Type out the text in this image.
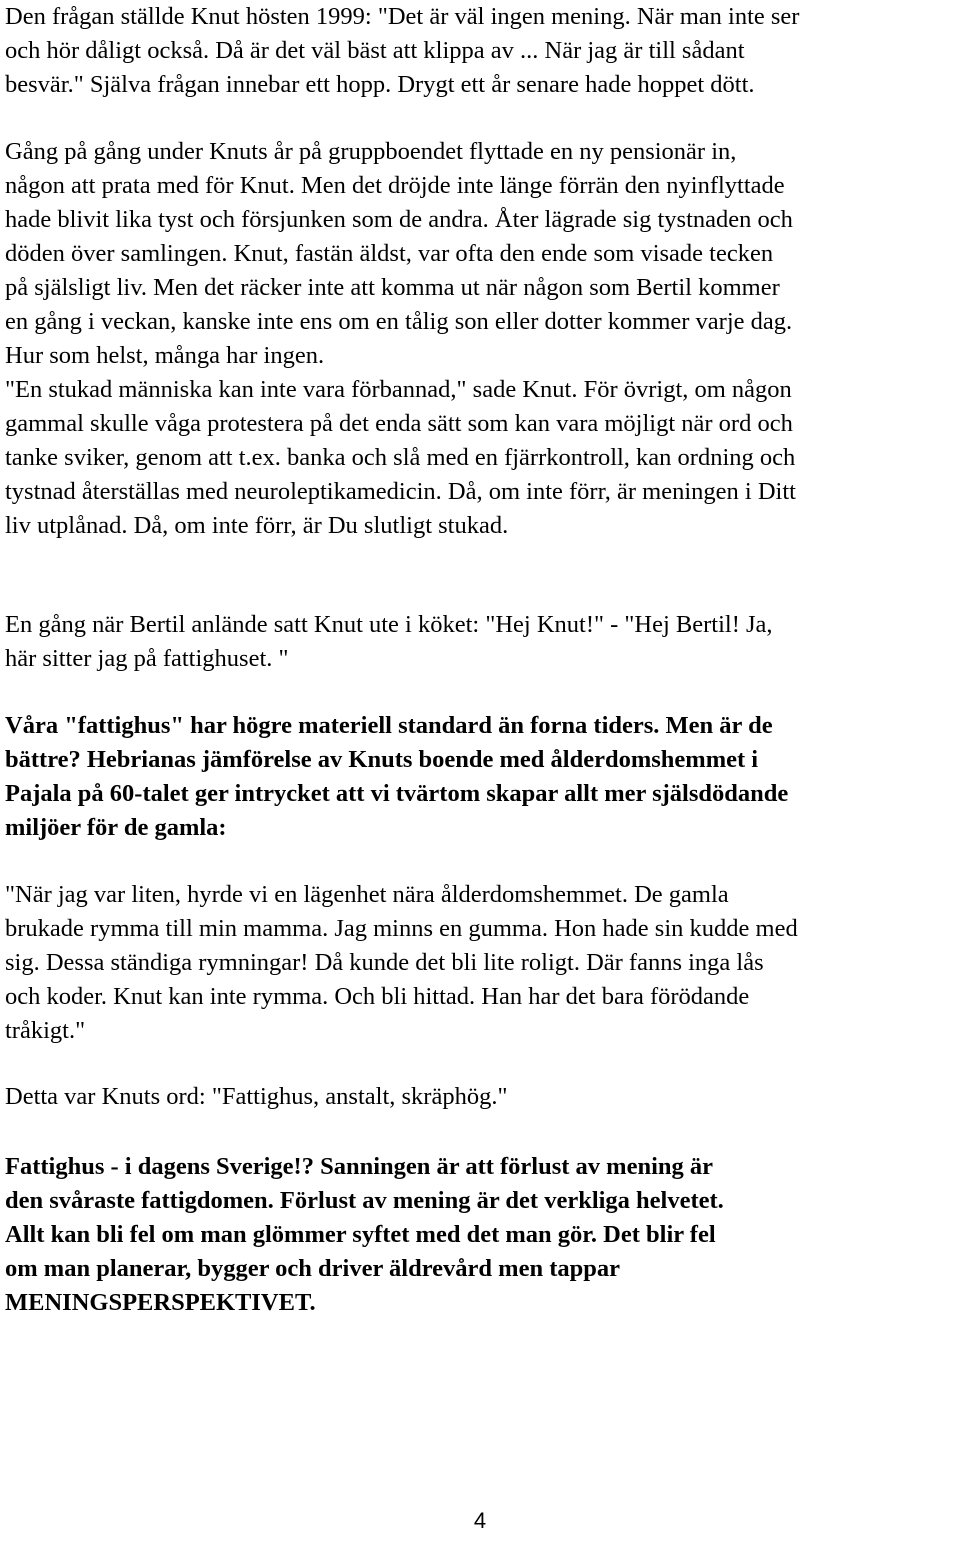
Den frågan ställde Knut hösten 1999: "Det är väl ingen mening. När man inte ser
och hör dåligt också. Då är det väl bäst att klippa av ... När jag är till sådant
besvär." Själva frågan innebar ett hopp. Drygt ett år senare hade hoppet dött.

Gång på gång under Knuts år på gruppboendet flyttade en ny pensionär in,
någon att prata med för Knut. Men det dröjde inte länge förrän den nyinflyttade
hade blivit lika tyst och försjunken som de andra. Åter lägrade sig tystnaden och
döden över samlingen. Knut, fastän äldst, var ofta den ende som visade tecken
på själsligt liv. Men det räcker inte att komma ut när någon som Bertil kommer
en gång i veckan, kanske inte ens om en tålig son eller dotter kommer varje dag.
Hur som helst, många har ingen.

"En stukad människa kan inte vara förbannad," sade Knut. För övrigt, om någon
gammal skulle våga protestera på det enda sätt som kan vara möjligt när ord och
tanke sviker, genom att t.ex. banka och slå med en fjärrkontroll, kan ordning och
tystnad återställas med neuroleptikamedicin. Då, om inte förr, är meningen i Ditt
liv utplånad. Då, om inte förr, är Du slutligt stukad.

En gång när Bertil anlände satt Knut ute i köket: "Hej Knut!" - "Hej Bertil! Ja,
här sitter jag på fattighuset. "

Våra "fattighus" har högre materiell standard än forna tiders. Men är de
bättre? Hebrianas jämförelse av Knuts boende med ålderdomshemmet i
Pajala på 60-talet ger intrycket att vi tvärtom skapar allt mer själsdödande
miljöer för de gamla:

"När jag var liten, hyrde vi en lägenhet nära ålderdomshemmet. De gamla
brukade rymma till min mamma. Jag minns en gumma. Hon hade sin kudde med
sig. Dessa ständiga rymningar! Då kunde det bli lite roligt. Där fanns inga lås
och koder. Knut kan inte rymma. Och bli hittad. Han har det bara förödande
tråkigt."

Detta var Knuts ord: "Fattighus, anstalt, skräphög."

Fattighus - i dagens Sverige!? Sanningen är att förlust av mening är
den svåraste fattigdomen. Förlust av mening är det verkliga helvetet.
Allt kan bli fel om man glömmer syftet med det man gör. Det blir fel
om man planerar, bygger och driver äldrevård men tappar
MENINGSPERSPEKTIVET.

4
